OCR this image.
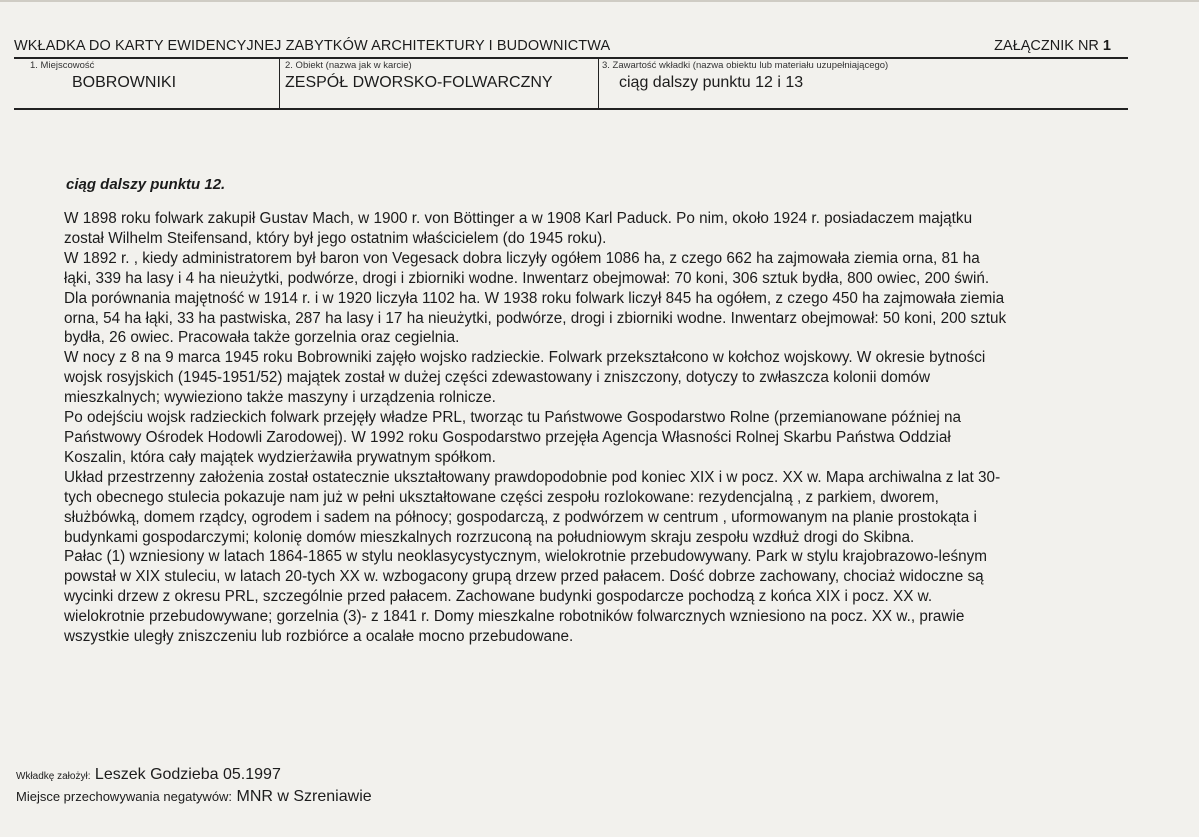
WKŁADKA DO KARTY EWIDENCYJNEJ ZABYTKÓW ARCHITEKTURY I BUDOWNICTWA	ZAŁĄCZNIK NR 1
1. Miejscowość
BOBROWNIKI
2. Obiekt (nazwa jak w karcie)
ZESPÓŁ DWORSKO-FOLWARCZNY
3. Zawartość wkładki (nazwa obiektu lub materiału uzupełniającego)
ciąg dalszy punktu 12 i 13
ciąg dalszy punktu 12.
W 1898 roku folwark zakupił Gustav Mach, w 1900 r. von Böttinger a w 1908 Karl Paduck. Po nim, około 1924 r. posiadaczem majątku
został Wilhelm Steifensand, który był jego ostatnim właścicielem (do 1945 roku).
W 1892 r. , kiedy administratorem był baron von Vegesack dobra liczyły ogółem 1086 ha, z czego 662 ha zajmowała ziemia orna, 81 ha
łąki, 339 ha lasy i 4 ha nieużytki, podwórze, drogi i zbiorniki wodne. Inwentarz obejmował: 70 koni, 306 sztuk bydła, 800 owiec, 200 świń.
Dla porównania majętność w 1914 r. i w 1920 liczyła 1102 ha. W 1938 roku folwark liczył 845 ha ogółem, z czego 450 ha zajmowała ziemia
orna, 54 ha łąki, 33 ha pastwiska, 287 ha lasy i 17 ha nieużytki, podwórze, drogi i zbiorniki wodne. Inwentarz obejmował: 50 koni, 200 sztuk
bydła, 26 owiec. Pracowała także gorzelnia oraz cegielnia.
W nocy z 8 na 9 marca 1945 roku Bobrowniki zajęło wojsko radzieckie. Folwark przekształcono w kołchoz wojskowy. W okresie bytności
wojsk rosyjskich (1945-1951/52) majątek został w dużej części zdewastowany i zniszczony, dotyczy to zwłaszcza kolonii domów
mieszkalnych; wywieziono także maszyny i urządzenia rolnicze.
Po odejściu wojsk radzieckich folwark przejęły władze PRL, tworząc tu Państwowe Gospodarstwo Rolne (przemianowane później na
Państwowy Ośrodek Hodowli Zarodowej). W 1992 roku Gospodarstwo przejęła Agencja Własności Rolnej Skarbu Państwa Oddział
Koszalin, która cały majątek wydzierżawiła prywatnym spółkom.
Układ przestrzenny założenia został ostatecznie ukształtowany prawdopodobnie pod koniec XIX i w pocz. XX w. Mapa archiwalna z lat 30-
tych obecnego stulecia pokazuje nam już w pełni ukształtowane części zespołu rozlokowane: rezydencjalną , z parkiem, dworem,
służbówką, domem rządcy, ogrodem i sadem na północy; gospodarczą, z podwórzem w centrum , uformowanym na planie prostokąta i
budynkami gospodarczymi; kolonię domów mieszkalnych rozrzuconą na południowym skraju zespołu wzdłuż drogi do Skibna.
Pałac (1) wzniesiony w latach 1864-1865 w stylu neoklasycystycznym, wielokrotnie przebudowywany. Park w stylu krajobrazowo-leśnym
powstał w XIX stuleciu, w latach 20-tych XX w. wzbogacony grupą drzew przed pałacem. Dość dobrze zachowany, chociaż widoczne są
wycinki drzew z okresu PRL, szczególnie przed pałacem. Zachowane budynki gospodarcze pochodzą z końca XIX i pocz. XX w.
wielokrotnie przebudowywane; gorzelnia (3)- z 1841 r. Domy mieszkalne robotników folwarcznych wzniesiono na pocz. XX w., prawie
wszystkie uległy zniszczeniu lub rozbiórce a ocalałe mocno przebudowane.
Wkładkę założył: Leszek Godzieba 05.1997
Miejsce przechowywania negatywów: MNR w Szreniawie
